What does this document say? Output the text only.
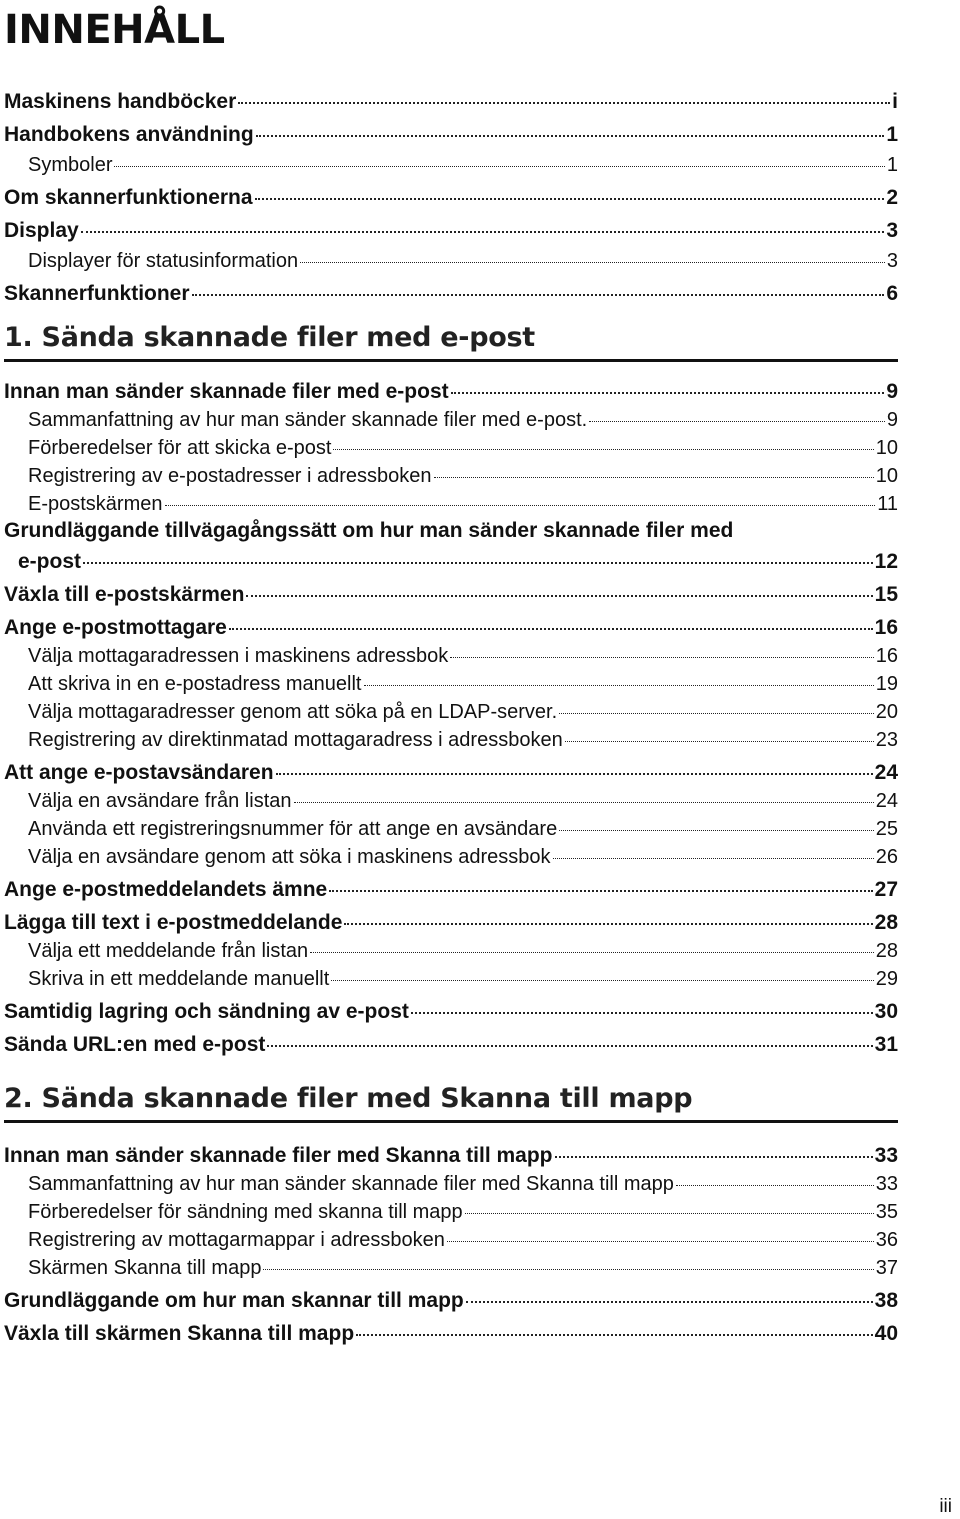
INNEHÅLL
Maskinens handböcker	i
Handbokens användning	1
Symboler	1
Om skannerfunktionerna	2
Display	3
Displayer för statusinformation	3
Skannerfunktioner	6
1. Sända skannade filer med e-post
Innan man sänder skannade filer med e-post	9
Sammanfattning av hur man sänder skannade filer med e-post.	9
Förberedelser för att skicka e-post	10
Registrering av e-postadresser i adressboken	10
E-postskärmen	11
Grundläggande tillvägagångssätt om hur man sänder skannade filer med
e-post	12
Växla till e-postskärmen	15
Ange e-postmottagare	16
Välja mottagaradressen i maskinens adressbok	16
Att skriva in en e-postadress manuellt	19
Välja mottagaradresser genom att söka på en LDAP-server.	20
Registrering av direktinmatad mottagaradress i adressboken	23
Att ange e-postavsändaren	24
Välja en avsändare från listan	24
Använda ett registreringsnummer för att ange en avsändare	25
Välja en avsändare genom att söka i maskinens adressbok	26
Ange e-postmeddelandets ämne	27
Lägga till text i e-postmeddelande	28
Välja ett meddelande från listan	28
Skriva in ett meddelande manuellt	29
Samtidig lagring och sändning av e-post	30
Sända URL:en med e-post	31
2. Sända skannade filer med Skanna till mapp
Innan man sänder skannade filer med Skanna till mapp	33
Sammanfattning av hur man sänder skannade filer med Skanna till mapp	33
Förberedelser för sändning med skanna till mapp	35
Registrering av mottagarmappar i adressboken	36
Skärmen Skanna till mapp	37
Grundläggande om hur man skannar till mapp	38
Växla till skärmen Skanna till mapp	40
iii
